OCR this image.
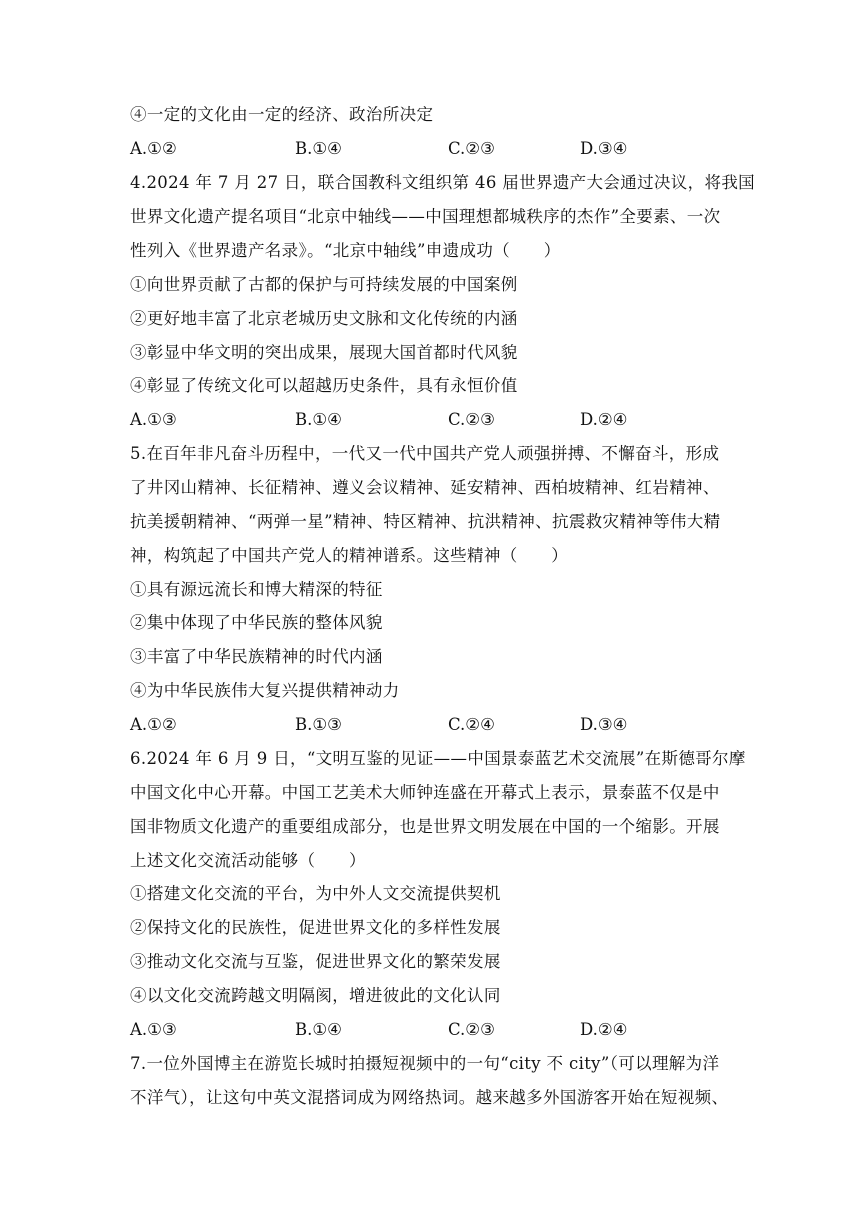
④一定的文化由一定的经济、政治所决定
A.①②	B.①④	C.②③	D.③④
4.2024 年 7 月 27 日，联合国教科文组织第 46 届世界遗产大会通过决议，将我国
世界文化遗产提名项目“北京中轴线——中国理想都城秩序的杰作”全要素、一次
性列入《世界遗产名录》。“北京中轴线”申遗成功（　　）
①向世界贡献了古都的保护与可持续发展的中国案例
②更好地丰富了北京老城历史文脉和文化传统的内涵
③彰显中华文明的突出成果，展现大国首都时代风貌
④彰显了传统文化可以超越历史条件，具有永恒价值
A.①③	B.①④	C.②③	D.②④
5.在百年非凡奋斗历程中，一代又一代中国共产党人顽强拼搏、不懈奋斗，形成
了井冈山精神、长征精神、遵义会议精神、延安精神、西柏坡精神、红岩精神、
抗美援朝精神、“两弹一星”精神、特区精神、抗洪精神、抗震救灾精神等伟大精
神，构筑起了中国共产党人的精神谱系。这些精神（　　）
①具有源远流长和博大精深的特征
②集中体现了中华民族的整体风貌
③丰富了中华民族精神的时代内涵
④为中华民族伟大复兴提供精神动力
A.①②	B.①③	C.②④	D.③④
6.2024 年 6 月 9 日，“文明互鉴的见证——中国景泰蓝艺术交流展”在斯德哥尔摩
中国文化中心开幕。中国工艺美术大师钟连盛在开幕式上表示，景泰蓝不仅是中
国非物质文化遗产的重要组成部分，也是世界文明发展在中国的一个缩影。开展
上述文化交流活动能够（　　）
①搭建文化交流的平台，为中外人文交流提供契机
②保持文化的民族性，促进世界文化的多样性发展
③推动文化交流与互鉴，促进世界文化的繁荣发展
④以文化交流跨越文明隔阂，增进彼此的文化认同
A.①③	B.①④	C.②③	D.②④
7.一位外国博主在游览长城时拍摄短视频中的一句“city 不 city”（可以理解为洋
不洋气），让这句中英文混搭词成为网络热词。越来越多外国游客开始在短视频、
